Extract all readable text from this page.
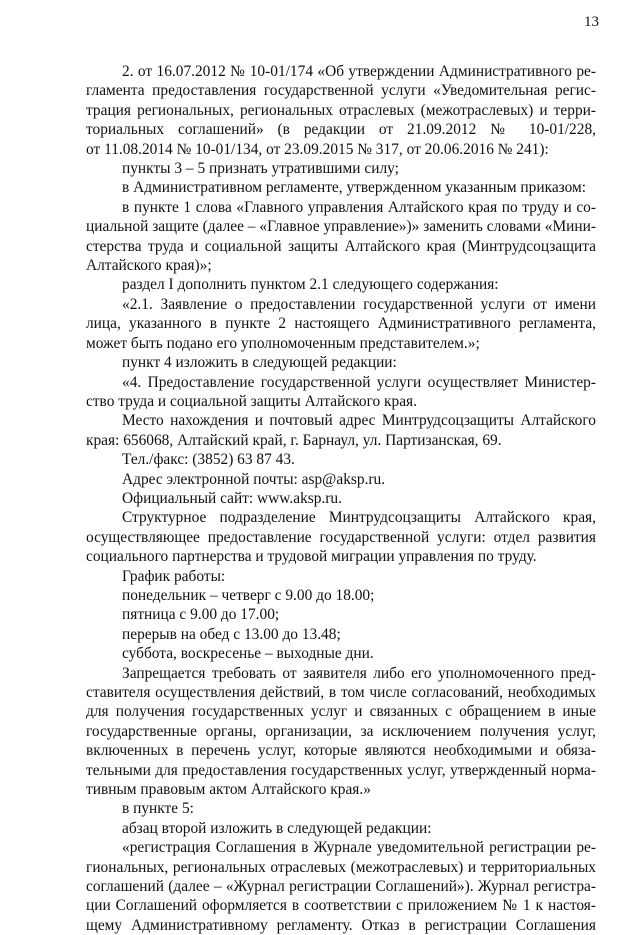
13
2. от 16.07.2012 № 10-01/174 «Об утверждении Административного ре-
гламента предоставления государственной услуги «Уведомительная регис-
трация региональных, региональных отраслевых (межотраслевых) и терри-
ториальных соглашений» (в редакции от 21.09.2012 № 10-01/228,
от 11.08.2014 № 10-01/134, от 23.09.2015 № 317, от 20.06.2016 № 241):
пункты 3 – 5 признать утратившими силу;
в Административном регламенте, утвержденном указанным приказом:
в пункте 1 слова «Главного управления Алтайского края по труду и со-
циальной защите (далее – «Главное управление»)» заменить словами «Мини-
стерства труда и социальной защиты Алтайского края (Минтрудсоцзащита
Алтайского края)»;
раздел I дополнить пунктом 2.1 следующего содержания:
«2.1. Заявление о предоставлении государственной услуги от имени
лица, указанного в пункте 2 настоящего Административного регламента,
может быть подано его уполномоченным представителем.»;
пункт 4 изложить в следующей редакции:
«4. Предоставление государственной услуги осуществляет Министер-
ство труда и социальной защиты Алтайского края.
Место нахождения и почтовый адрес Минтрудсоцзащиты Алтайского
края: 656068, Алтайский край, г. Барнаул, ул. Партизанская, 69.
Тел./факс: (3852) 63 87 43.
Адрес электронной почты: asp@aksp.ru.
Официальный сайт: www.aksp.ru.
Структурное подразделение Минтрудсоцзащиты Алтайского края,
осуществляющее предоставление государственной услуги: отдел развития
социального партнерства и трудовой миграции управления по труду.
График работы:
понедельник – четверг с 9.00 до 18.00;
пятница с 9.00 до 17.00;
перерыв на обед с 13.00 до 13.48;
суббота, воскресенье – выходные дни.
Запрещается требовать от заявителя либо его уполномоченного пред-
ставителя осуществления действий, в том числе согласований, необходимых
для получения государственных услуг и связанных с обращением в иные
государственные органы, организации, за исключением получения услуг,
включенных в перечень услуг, которые являются необходимыми и обяза-
тельными для предоставления государственных услуг, утвержденный норма-
тивным правовым актом Алтайского края.»
в пункте 5:
абзац второй изложить в следующей редакции:
«регистрация Соглашения в Журнале уведомительной регистрации ре-
гиональных, региональных отраслевых (межотраслевых) и территориальных
соглашений (далее – «Журнал регистрации Соглашений»). Журнал регистра-
ции Соглашений оформляется в соответствии с приложением № 1 к настоя-
щему Административному регламенту. Отказ в регистрации Соглашения
